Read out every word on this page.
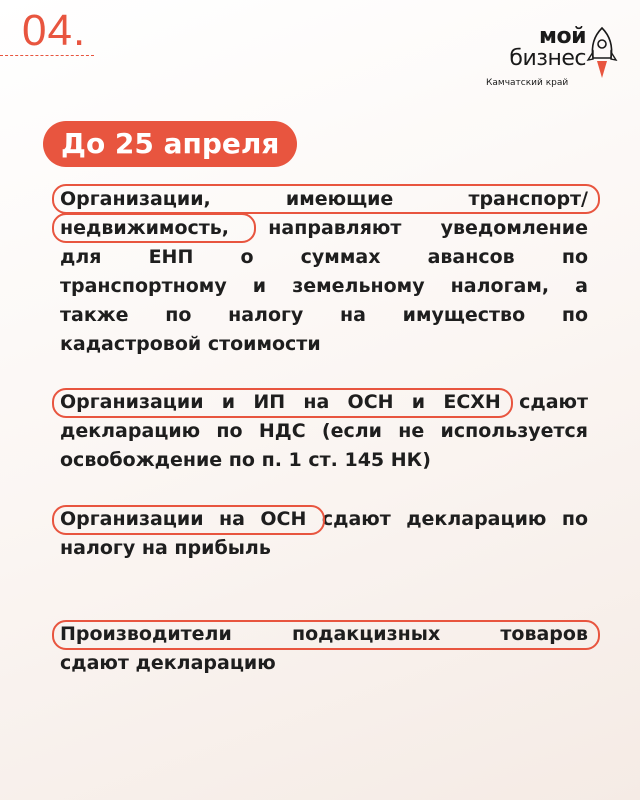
04.	мой
бизнес
Камчатский край
До 25 апреля
Организации, имеющие транспорт/
недвижимость, направляют уведомление
для ЕНП о суммах авансов по
транспортному и земельному налогам, а
также по налогу на имущество по
кадастровой стоимости
Организации и ИП на ОСН и ЕСХН сдают
декларацию по НДС (если не используется
освобождение по п. 1 ст. 145 НК)
Организации на ОСН сдают декларацию по
налогу на прибыль
Производители подакцизных товаров
сдают декларацию
